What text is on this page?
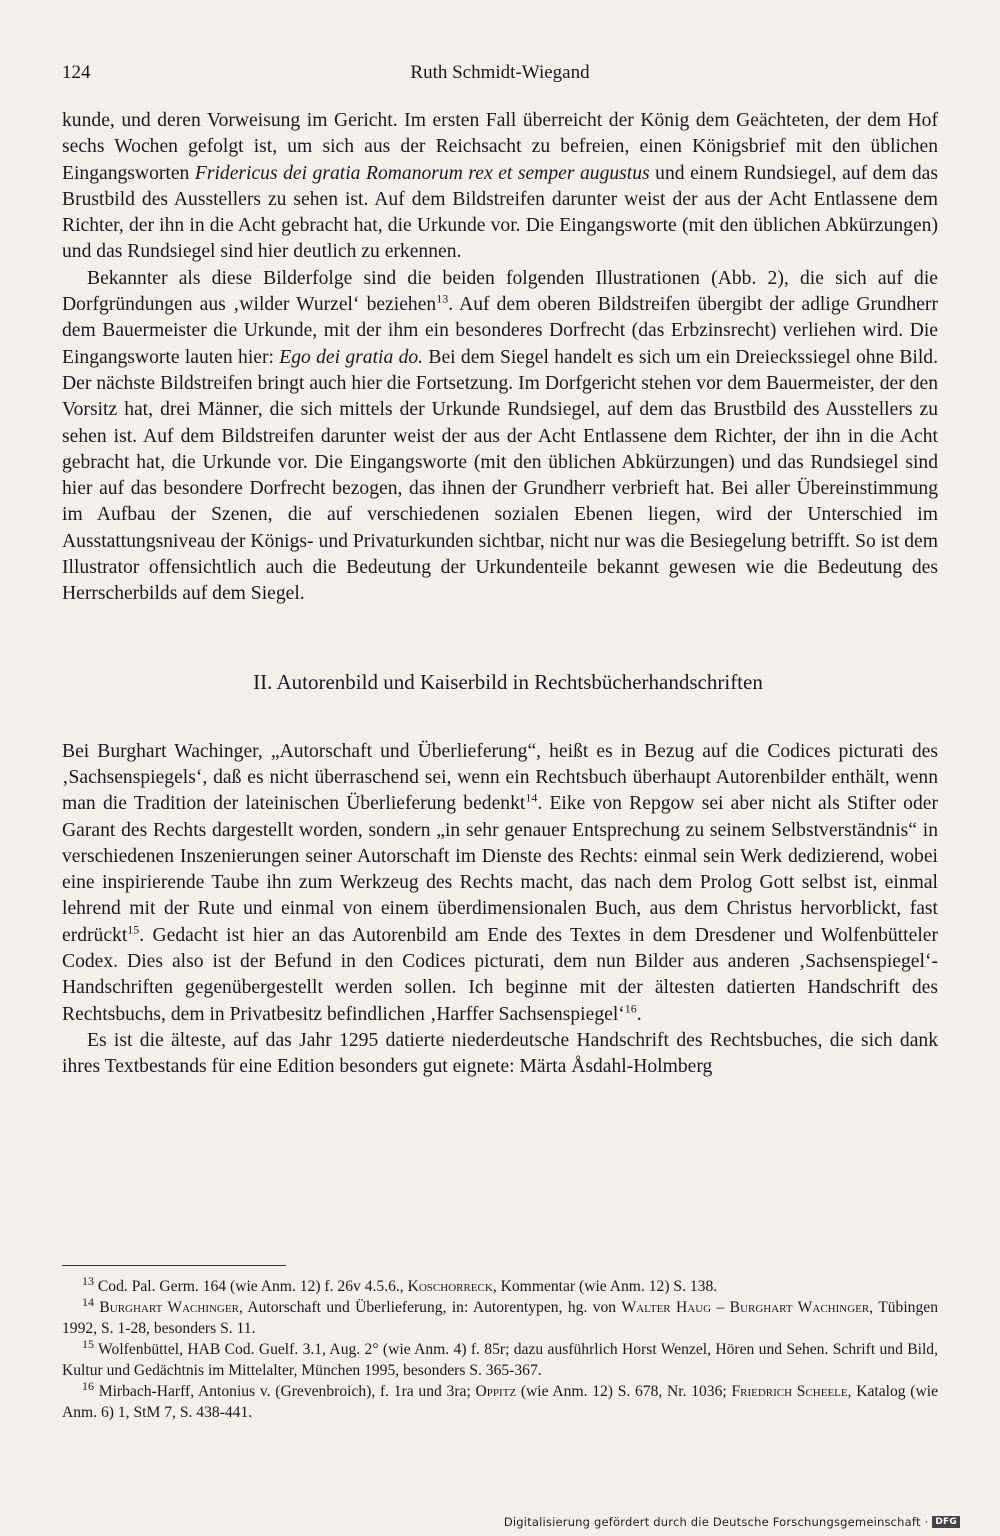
124	Ruth Schmidt-Wiegand

kunde, und deren Vorweisung im Gericht. Im ersten Fall überreicht der König dem Geächteten, der dem Hof sechs Wochen gefolgt ist, um sich aus der Reichsacht zu befreien, einen Königsbrief mit den üblichen Eingangsworten Fridericus dei gratia Romanorum rex et semper augustus und einem Rundsiegel, auf dem das Brustbild des Ausstellers zu sehen ist. Auf dem Bildstreifen darunter weist der aus der Acht Entlassene dem Richter, der ihn in die Acht gebracht hat, die Urkunde vor. Die Eingangsworte (mit den üblichen Abkürzungen) und das Rundsiegel sind hier deutlich zu erkennen.

Bekannter als diese Bilderfolge sind die beiden folgenden Illustrationen (Abb. 2), die sich auf die Dorfgründungen aus ‚wilder Wurzel‘ beziehen$^{13}$. Auf dem oberen Bildstreifen übergibt der adlige Grundherr dem Bauermeister die Urkunde, mit der ihm ein besonderes Dorfrecht (das Erbzinsrecht) verliehen wird. Die Eingangsworte lauten hier: Ego dei gratia do. Bei dem Siegel handelt es sich um ein Dreieckssiegel ohne Bild. Der nächste Bildstreifen bringt auch hier die Fortsetzung. Im Dorfgericht stehen vor dem Bauermeister, der den Vorsitz hat, drei Männer, die sich mittels der Urkunde Rundsiegel, auf dem das Brustbild des Ausstellers zu sehen ist. Auf dem Bildstreifen darunter weist der aus der Acht Entlassene dem Richter, der ihn in die Acht gebracht hat, die Urkunde vor. Die Eingangsworte (mit den üblichen Abkürzungen) und das Rundsiegel sind hier auf das besondere Dorfrecht bezogen, das ihnen der Grundherr verbrieft hat. Bei aller Übereinstimmung im Aufbau der Szenen, die auf verschiedenen sozialen Ebenen liegen, wird der Unterschied im Ausstattungsniveau der Königs- und Privaturkunden sichtbar, nicht nur was die Besiegelung betrifft. So ist dem Illustrator offensichtlich auch die Bedeutung der Urkundenteile bekannt gewesen wie die Bedeutung des Herrscherbilds auf dem Siegel.

II. Autorenbild und Kaiserbild in Rechtsbücherhandschriften

Bei Burghart Wachinger, „Autorschaft und Überlieferung“, heißt es in Bezug auf die Codices picturati des ‚Sachsenspiegels‘, daß es nicht überraschend sei, wenn ein Rechtsbuch überhaupt Autorenbilder enthält, wenn man die Tradition der lateinischen Überlieferung bedenkt$^{14}$. Eike von Repgow sei aber nicht als Stifter oder Garant des Rechts dargestellt worden, sondern „in sehr genauer Entsprechung zu seinem Selbstverständnis“ in verschiedenen Inszenierungen seiner Autorschaft im Dienste des Rechts: einmal sein Werk dedizierend, wobei eine inspirierende Taube ihn zum Werkzeug des Rechts macht, das nach dem Prolog Gott selbst ist, einmal lehrend mit der Rute und einmal von einem überdimensionalen Buch, aus dem Christus hervorblickt, fast erdrückt$^{15}$. Gedacht ist hier an das Autorenbild am Ende des Textes in dem Dresdener und Wolfenbütteler Codex. Dies also ist der Befund in den Codices picturati, dem nun Bilder aus anderen ‚Sachsenspiegel‘-Handschriften gegenübergestellt werden sollen. Ich beginne mit der ältesten datierten Handschrift des Rechtsbuchs, dem in Privatbesitz befindlichen ‚Harffer Sachsenspiegel‘$^{16}$.

Es ist die älteste, auf das Jahr 1295 datierte niederdeutsche Handschrift des Rechtsbuches, die sich dank ihres Textbestands für eine Edition besonders gut eignete: Märta Åsdahl-Holmberg

$^{13}$ Cod. Pal. Germ. 164 (wie Anm. 12) f. 26v 4.5.6., Koschorreck, Kommentar (wie Anm. 12) S. 138.

$^{14}$ Burghart Wachinger, Autorschaft und Überlieferung, in: Autorentypen, hg. von Walter Haug – Burghart Wachinger, Tübingen 1992, S. 1-28, besonders S. 11.

$^{15}$ Wolfenbüttel, HAB Cod. Guelf. 3.1, Aug. 2° (wie Anm. 4) f. 85r; dazu ausführlich Horst Wenzel, Hören und Sehen. Schrift und Bild, Kultur und Gedächtnis im Mittelalter, München 1995, besonders S. 365-367.

$^{16}$ Mirbach-Harff, Antonius v. (Grevenbroich), f. 1ra und 3ra; Oppitz (wie Anm. 12) S. 678, Nr. 1036; Friedrich Scheele, Katalog (wie Anm. 6) 1, StM 7, S. 438-441.

Digitalisierung gefördert durch die Deutsche Forschungsgemeinschaft · DFG
